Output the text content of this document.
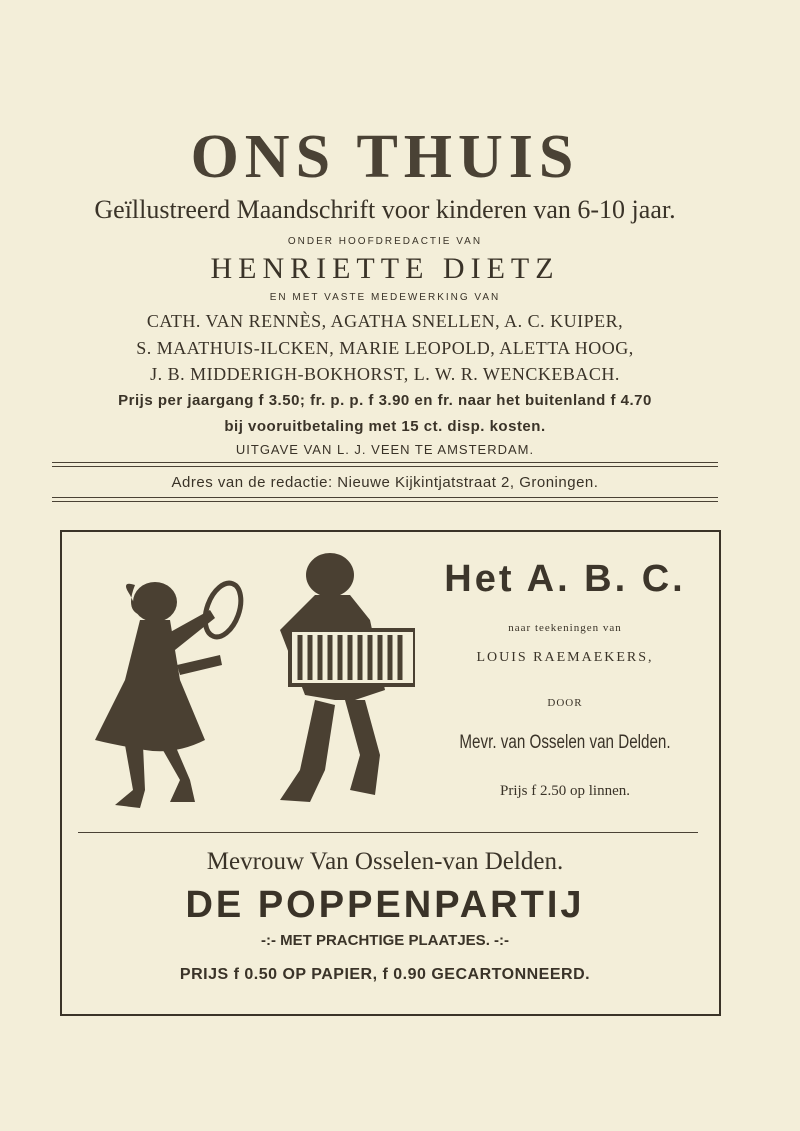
ONS THUIS
Geïllustreerd Maandschrift voor kinderen van 6-10 jaar.
ONDER HOOFDREDACTIE VAN
HENRIETTE DIETZ
EN MET VASTE MEDEWERKING VAN
CATH. VAN RENNÈS, AGATHA SNELLEN, A. C. KUIPER,
S. MAATHUIS-ILCKEN, MARIE LEOPOLD, ALETTA HOOG,
J. B. MIDDERIGH-BOKHORST, L. W. R. WENCKEBACH.
Prijs per jaargang f 3.50; fr. p. p. f 3.90 en fr. naar het buitenland f 4.70
bij vooruitbetaling met 15 ct. disp. kosten.
UITGAVE VAN L. J. VEEN TE AMSTERDAM.
Adres van de redactie: Nieuwe Kijkintjatstraat 2, Groningen.
Het A. B. C.
naar teekeningen van
LOUIS RAEMAEKERS,
DOOR
Mevr. van Osselen van Delden.
Prijs f 2.50 op linnen.
Mevrouw Van Osselen-van Delden.
DE POPPENPARTIJ
-:- MET PRACHTIGE PLAATJES. -:-
PRIJS f 0.50 OP PAPIER, f 0.90 GECARTONNEERD.
